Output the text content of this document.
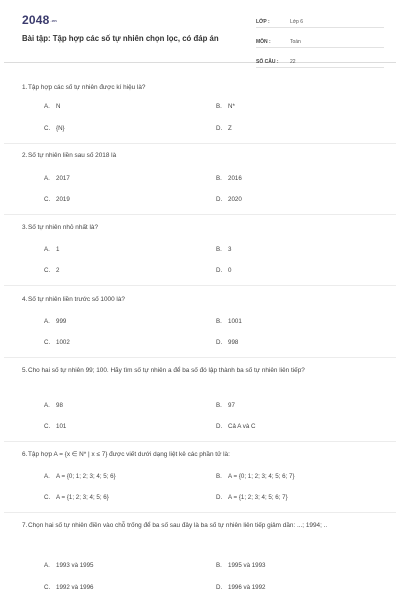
2048.vn
Bài tập: Tập hợp các số tự nhiên chọn lọc, có đáp án
LỚP :	Lớp 6
MÔN :	Toán
SỐ CÂU : 22
1. Tập hợp các số tự nhiên được kí hiệu là?
A. N	B. N*
C. {N}	D. Z
2. Số tự nhiên liền sau số 2018 là
A. 2017	B. 2016
C. 2019	D. 2020
3. Số tự nhiên nhỏ nhất là?
A. 1	B. 3
C. 2	D. 0
4. Số tự nhiên liền trước số 1000 là?
A. 999	B. 1001
C. 1002	D. 998
5. Cho hai số tự nhiên 99; 100. Hãy tìm số tự nhiên a để ba số đó lập thành ba số tự nhiên liên tiếp?
A. 98	B. 97
C. 101	D. Cả A và C
6. Tập hợp A = {x ∈ N* | x ≤ 7} được viết dưới dạng liệt kê các phần tử là:
A. A = {0; 1; 2; 3; 4; 5; 6}	B. A = {0; 1; 2; 3; 4; 5; 6; 7}
C. A = {1; 2; 3; 4; 5; 6}	D. A = {1; 2; 3; 4; 5; 6; 7}
7. Chọn hai số tự nhiên điền vào chỗ trống để ba số sau đây là ba số tự nhiên liên tiếp giảm dần: ...; 1994; ..
A. 1993 và 1995	B. 1995 và 1993
C. 1992 và 1996	D. 1996 và 1992
